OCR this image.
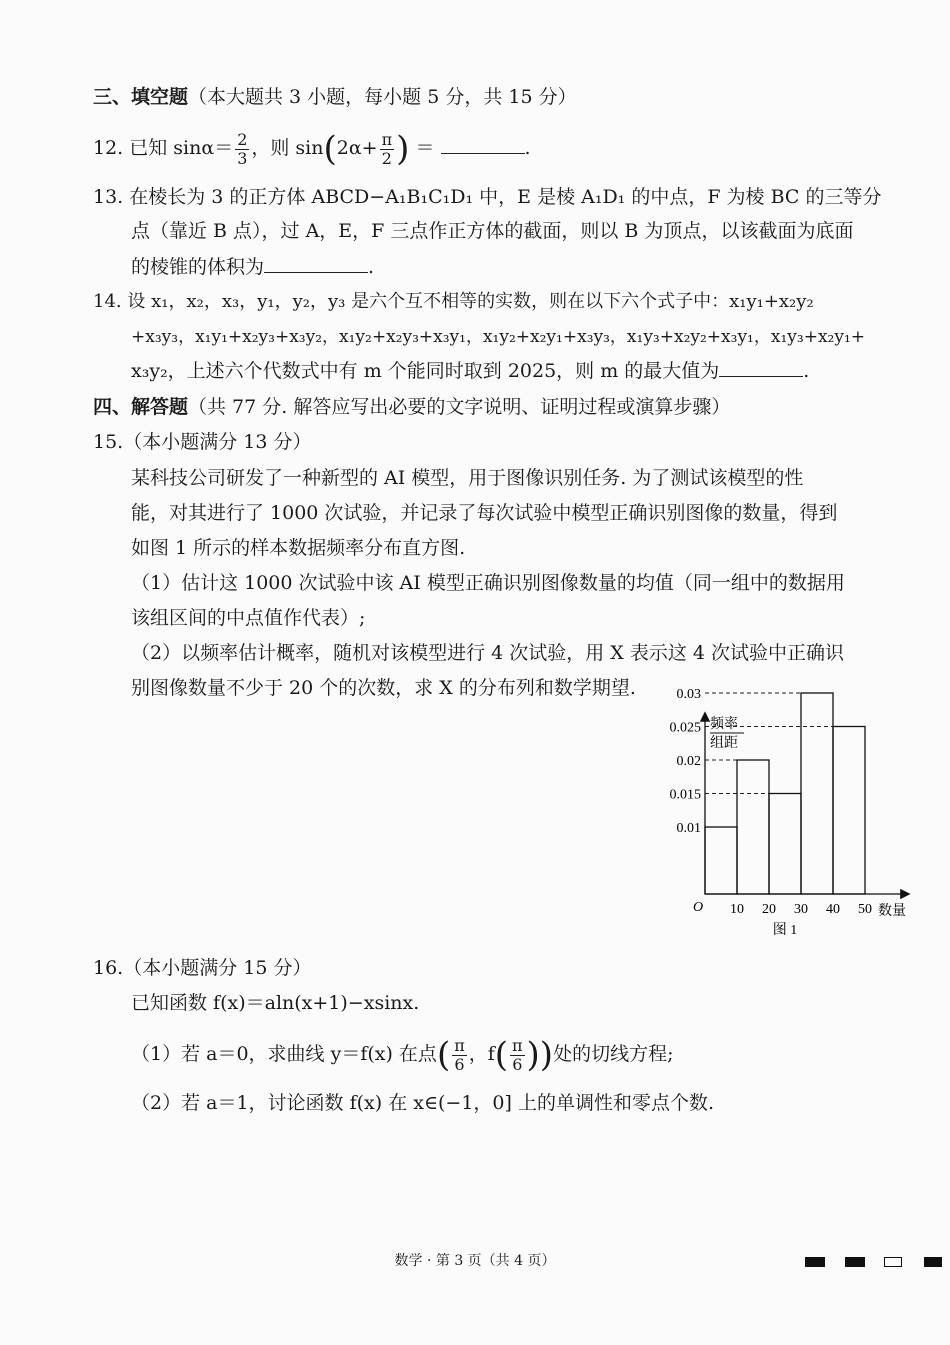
三、填空题（本大题共 3 小题，每小题 5 分，共 15 分）
12. 已知 $\sin\alpha= \frac{2}{3}$ ，则 $\sin(2\alpha+ \frac{\pi}{2}$ ) ＝	.
13. 在棱长为 3 的正方体 ABCD−A₁B₁C₁D₁ 中，E 是棱 A₁D₁ 的中点，F 为棱 BC 的三等分
点（靠近 B 点），过 A，E，F 三点作正方体的截面，则以 B 为顶点，以该截面为底面
的棱锥的体积为	.
14. 设 x₁，x₂，x₃，y₁，y₂，y₃ 是六个互不相等的实数，则在以下六个式子中：x₁y₁+x₂y₂
+x₃y₃，x₁y₁+x₂y₃+x₃y₂，x₁y₂+x₂y₃+x₃y₁，x₁y₂+x₂y₁+x₃y₃，x₁y₃+x₂y₂+x₃y₁，x₁y₃+x₂y₁+
x₃y₂，上述六个代数式中有 m 个能同时取到 2025，则 m 的最大值为	.
四、解答题（共 77 分. 解答应写出必要的文字说明、证明过程或演算步骤）
15.（本小题满分 13 分）
某科技公司研发了一种新型的 AI 模型，用于图像识别任务. 为了测试该模型的性
能，对其进行了 1000 次试验，并记录了每次试验中模型正确识别图像的数量，得到
如图 1 所示的样本数据频率分布直方图.
（1）估计这 1000 次试验中该 AI 模型正确识别图像数量的均值（同一组中的数据用
该组区间的中点值作代表）;
（2）以频率估计概率，随机对该模型进行 4 次试验，用 X 表示这 4 次试验中正确识
别图像数量不少于 20 个的次数，求 X 的分布列和数学期望.	0.03
0.025
0.02
0.015
0.01
10 20 30 40 50
O	数量
频率
组距
图 1
16.（本小题满分 15 分）
已知函数 f(x)＝aln(x+1)−xsinx.
（1）若 a＝0，求曲线 y＝f(x) 在点( $\frac{\pi}{6}$ ，$f( \frac{\pi}{6}$ ))处的切线方程;
（2）若 a＝1，讨论函数 f(x) 在 x∈(−1，0] 上的单调性和零点个数.
数学 · 第 3 页（共 4 页）
